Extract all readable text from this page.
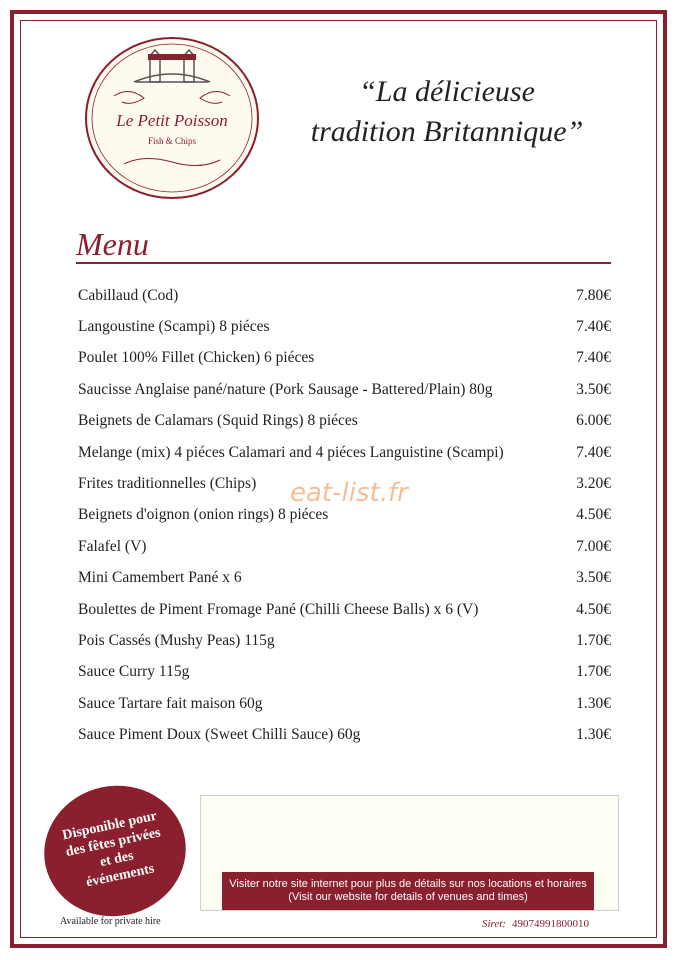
Le Petit Poisson
Fish & Chips
“La délicieuse
tradition Britannique”
Menu
Cabillaud (Cod)	7.80€
Langoustine (Scampi) 8 piéces	7.40€
Poulet 100% Fillet (Chicken) 6 piéces	7.40€
Saucisse Anglaise pané/nature (Pork Sausage - Battered/Plain) 80g	3.50€
Beignets de Calamars (Squid Rings) 8 piéces	6.00€
Melange (mix) 4 piéces Calamari and 4 piéces Languistine (Scampi)	7.40€
Frites traditionnelles (Chips)	3.20€
Beignets d'oignon (onion rings) 8 piéces	4.50€
Falafel (V)	7.00€
Mini Camembert Pané x 6	3.50€
Boulettes de Piment Fromage Pané (Chilli Cheese Balls) x 6 (V)	4.50€
Pois Cassés (Mushy Peas) 115g	1.70€
Sauce Curry 115g	1.70€
Sauce Tartare fait maison 60g	1.30€
Sauce Piment Doux (Sweet Chilli Sauce) 60g	1.30€
eat-list.fr
Disponible pour des fêtes privées et des événements	Visiter notre site internet pour plus de détails sur nos locations et horaires
(Visit our website for details of venues and times)
Available for private hire	Siret: 49074991800010
